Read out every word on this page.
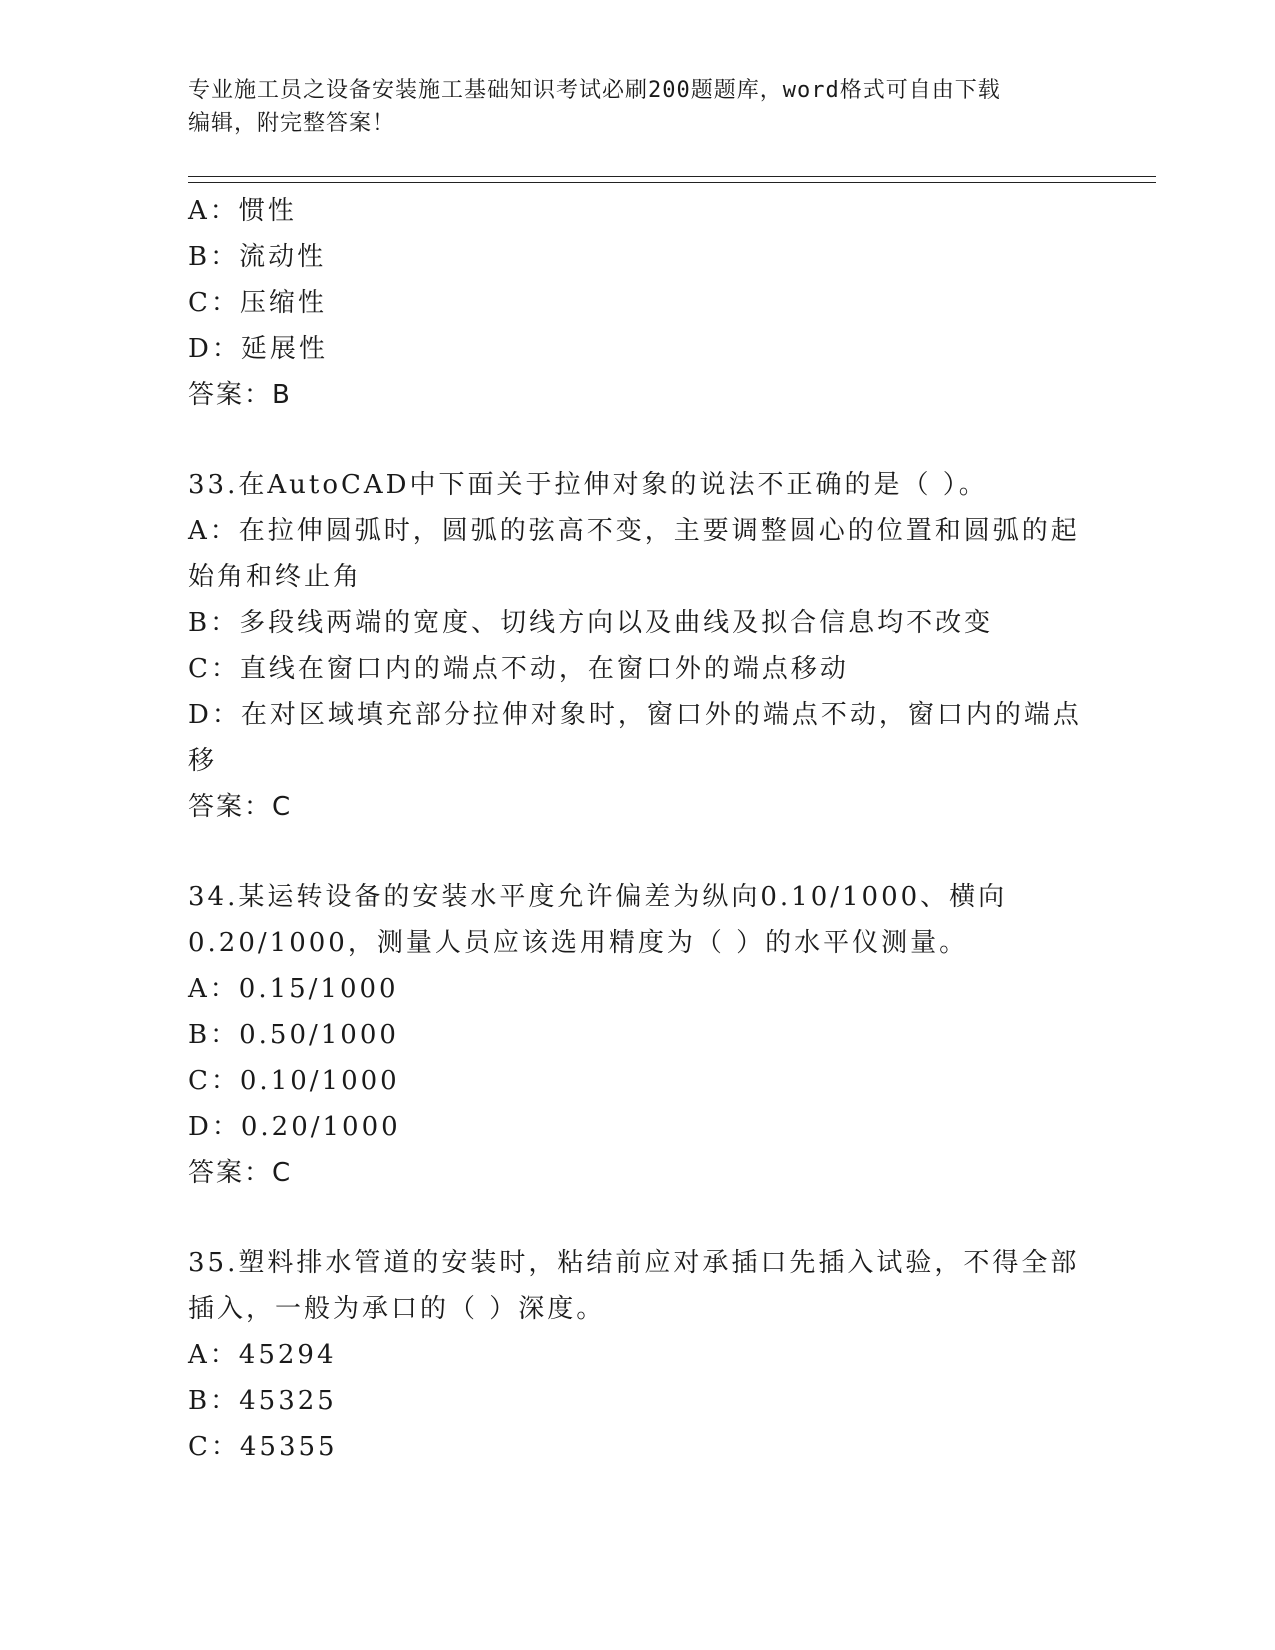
专业施工员之设备安装施工基础知识考试必刷200题题库，word格式可自由下载
编辑，附完整答案！

A：惯性

B：流动性

C：压缩性

D：延展性

答案：B

33.在AutoCAD中下面关于拉伸对象的说法不正确的是（ ）。

A：在拉伸圆弧时，圆弧的弦高不变，主要调整圆心的位置和圆弧的起

始角和终止角

B：多段线两端的宽度、切线方向以及曲线及拟合信息均不改变

C：直线在窗口内的端点不动，在窗口外的端点移动

D：在对区域填充部分拉伸对象时，窗口外的端点不动，窗口内的端点

移

答案：C

34.某运转设备的安装水平度允许偏差为纵向0.10/1000、横向

0.20/1000，测量人员应该选用精度为（ ）的水平仪测量。

A：0.15/1000

B：0.50/1000

C：0.10/1000

D：0.20/1000

答案：C

35.塑料排水管道的安装时，粘结前应对承插口先插入试验，不得全部

插入，一般为承口的（ ）深度。

A：45294

B：45325

C：45355
